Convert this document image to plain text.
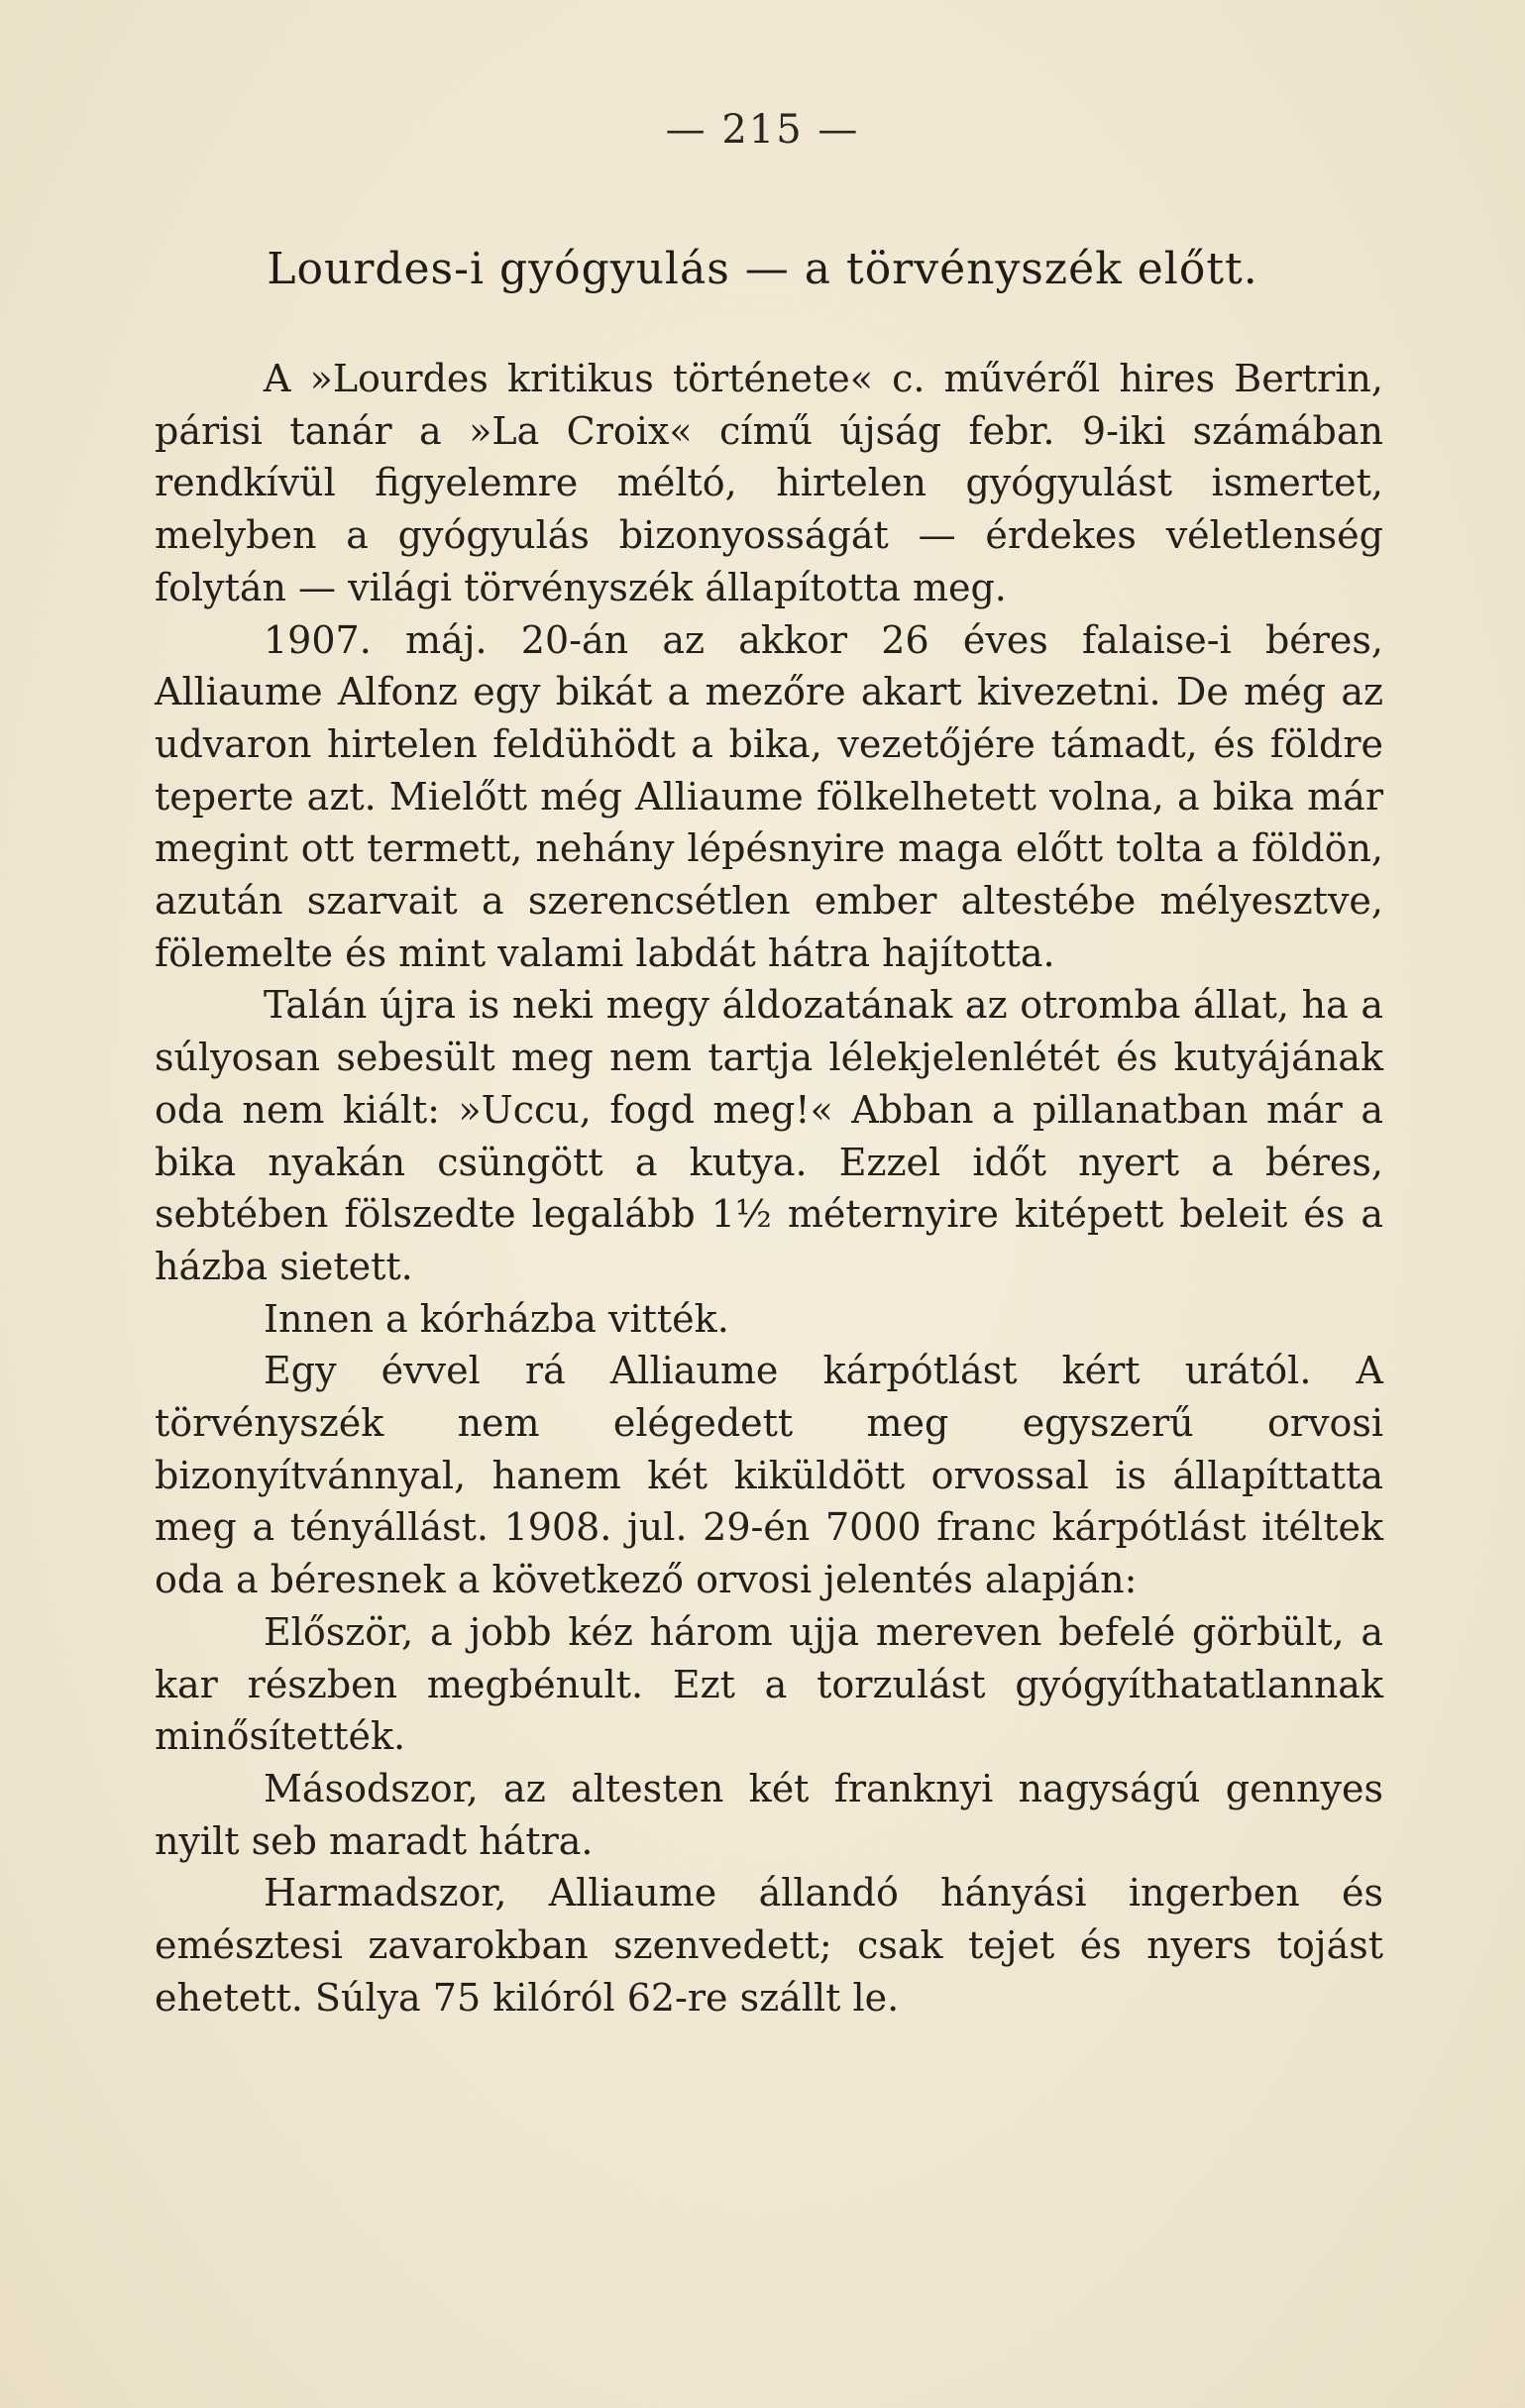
— 215 —
Lourdes-i gyógyulás — a törvényszék előtt.

A »Lourdes kritikus története« c. művéről hires Bertrin, párisi tanár a »La Croix« című újság febr. 9-iki számában rendkívül figyelemre méltó, hirtelen gyógyulást ismertet, melyben a gyógyulás bizonyosságát — érdekes véletlenség folytán — világi törvényszék állapította meg.

1907. máj. 20-án az akkor 26 éves falaise-i béres, Alliaume Alfonz egy bikát a mezőre akart kivezetni. De még az udvaron hirtelen feldühödt a bika, vezetőjére támadt, és földre teperte azt. Mielőtt még Alliaume fölkelhetett volna, a bika már megint ott termett, nehány lépésnyire maga előtt tolta a földön, azután szarvait a szerencsétlen ember altestébe mélyesztve, fölemelte és mint valami labdát hátra hajította.

Talán újra is neki megy áldozatának az otromba állat, ha a súlyosan sebesült meg nem tartja lélekjelenlétét és kutyájának oda nem kiált: »Uccu, fogd meg!« Abban a pillanatban már a bika nyakán csüngött a kutya. Ezzel időt nyert a béres, sebtében fölszedte legalább 1½ méternyire kitépett beleit és a házba sietett.

Innen a kórházba vitték.

Egy évvel rá Alliaume kárpótlást kért urától. A törvényszék nem elégedett meg egyszerű orvosi bizonyítvánnyal, hanem két kiküldött orvossal is állapíttatta meg a tényállást. 1908. jul. 29-én 7000 franc kárpótlást itéltek oda a béresnek a következő orvosi jelentés alapján:

Először, a jobb kéz három ujja mereven befelé görbült, a kar részben megbénult. Ezt a torzulást gyógyíthatatlannak minősítették.

Másodszor, az altesten két franknyi nagyságú gennyes nyilt seb maradt hátra.

Harmadszor, Alliaume állandó hányási ingerben és emésztesi zavarokban szenvedett; csak tejet és nyers tojást ehetett. Súlya 75 kilóról 62-re szállt le.
